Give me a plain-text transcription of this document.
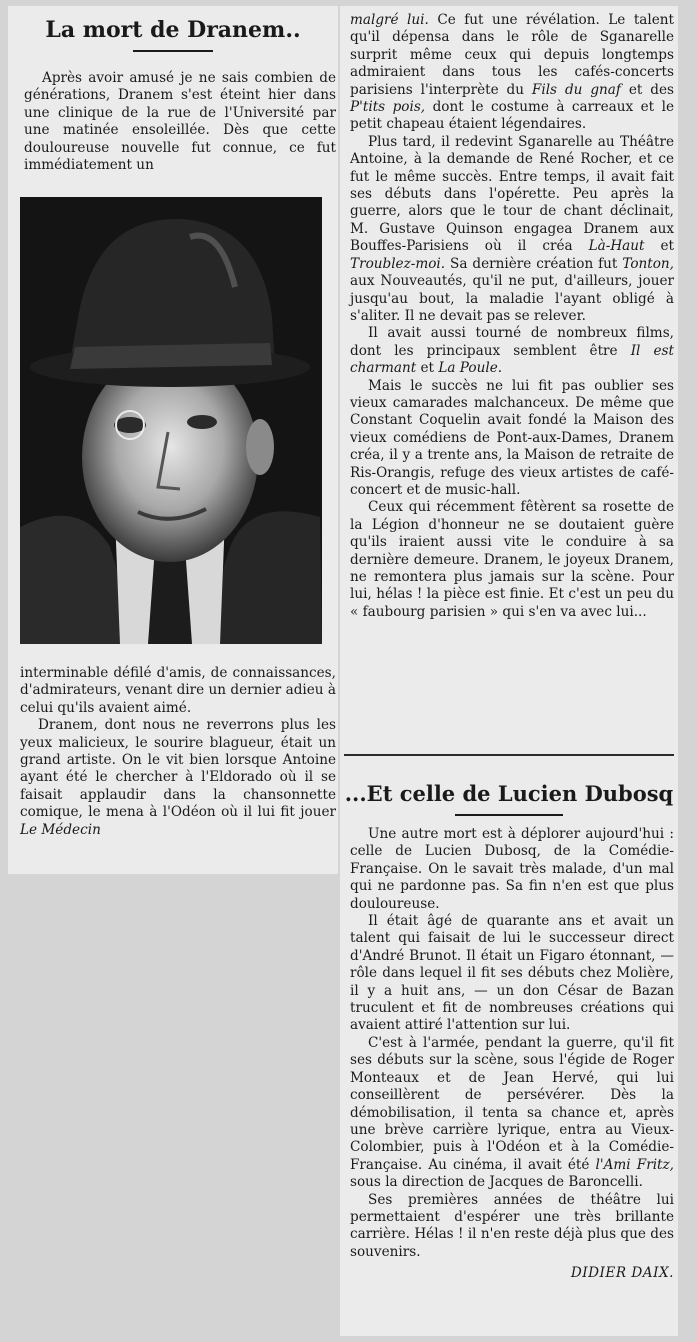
La mort de Dranem..

Après avoir amusé je ne sais combien de générations, Dranem s'est éteint hier dans une clinique de la rue de l'Université par une matinée ensoleillée. Dès que cette douloureuse nouvelle fut connue, ce fut immédiatement un

interminable défilé d'amis, de connaissances, d'admirateurs, venant dire un dernier adieu à celui qu'ils avaient aimé.

Dranem, dont nous ne reverrons plus les yeux malicieux, le sourire blagueur, était un grand artiste. On le vit bien lorsque Antoine ayant été le chercher à l'Eldorado où il se faisait applaudir dans la chansonnette comique, le mena à l'Odéon où il lui fit jouer Le Médecin

malgré lui. Ce fut une révélation. Le talent qu'il dépensa dans le rôle de Sganarelle surprit même ceux qui depuis longtemps admiraient dans tous les cafés-concerts parisiens l'interprète du Fils du gnaf et des P'tits pois, dont le costume à carreaux et le petit chapeau étaient légendaires.

Plus tard, il redevint Sganarelle au Théâtre Antoine, à la demande de René Rocher, et ce fut le même succès. Entre temps, il avait fait ses débuts dans l'opérette. Peu après la guerre, alors que le tour de chant déclinait, M. Gustave Quinson engagea Dranem aux Bouffes-Parisiens où il créa Là-Haut et Troublez-moi. Sa dernière création fut Tonton, aux Nouveautés, qu'il ne put, d'ailleurs, jouer jusqu'au bout, la maladie l'ayant obligé à s'aliter. Il ne devait pas se relever.

Il avait aussi tourné de nombreux films, dont les principaux semblent être Il est charmant et La Poule.

Mais le succès ne lui fit pas oublier ses vieux camarades malchanceux. De même que Constant Coquelin avait fondé la Maison des vieux comédiens de Pont-aux-Dames, Dranem créa, il y a trente ans, la Maison de retraite de Ris-Orangis, refuge des vieux artistes de café-concert et de music-hall.

Ceux qui récemment fêtèrent sa rosette de la Légion d'honneur ne se doutaient guère qu'ils iraient aussi vite le conduire à sa dernière demeure. Dranem, le joyeux Dranem, ne remontera plus jamais sur la scène. Pour lui, hélas ! la pièce est finie. Et c'est un peu du « faubourg parisien » qui s'en va avec lui...

...Et celle de Lucien Dubosq

Une autre mort est à déplorer aujourd'hui : celle de Lucien Dubosq, de la Comédie-Française. On le savait très malade, d'un mal qui ne pardonne pas. Sa fin n'en est que plus douloureuse.

Il était âgé de quarante ans et avait un talent qui faisait de lui le successeur direct d'André Brunot. Il était un Figaro étonnant, — rôle dans lequel il fit ses débuts chez Molière, il y a huit ans, — un don César de Bazan truculent et fit de nombreuses créations qui avaient attiré l'attention sur lui.

C'est à l'armée, pendant la guerre, qu'il fit ses débuts sur la scène, sous l'égide de Roger Monteaux et de Jean Hervé, qui lui conseillèrent de persévérer. Dès la démobilisation, il tenta sa chance et, après une brève carrière lyrique, entra au Vieux-Colombier, puis à l'Odéon et à la Comédie-Française. Au cinéma, il avait été l'Ami Fritz, sous la direction de Jacques de Baroncelli.

Ses premières années de théâtre lui permettaient d'espérer une très brillante carrière. Hélas ! il n'en reste déjà plus que des souvenirs.

DIDIER DAIX.
